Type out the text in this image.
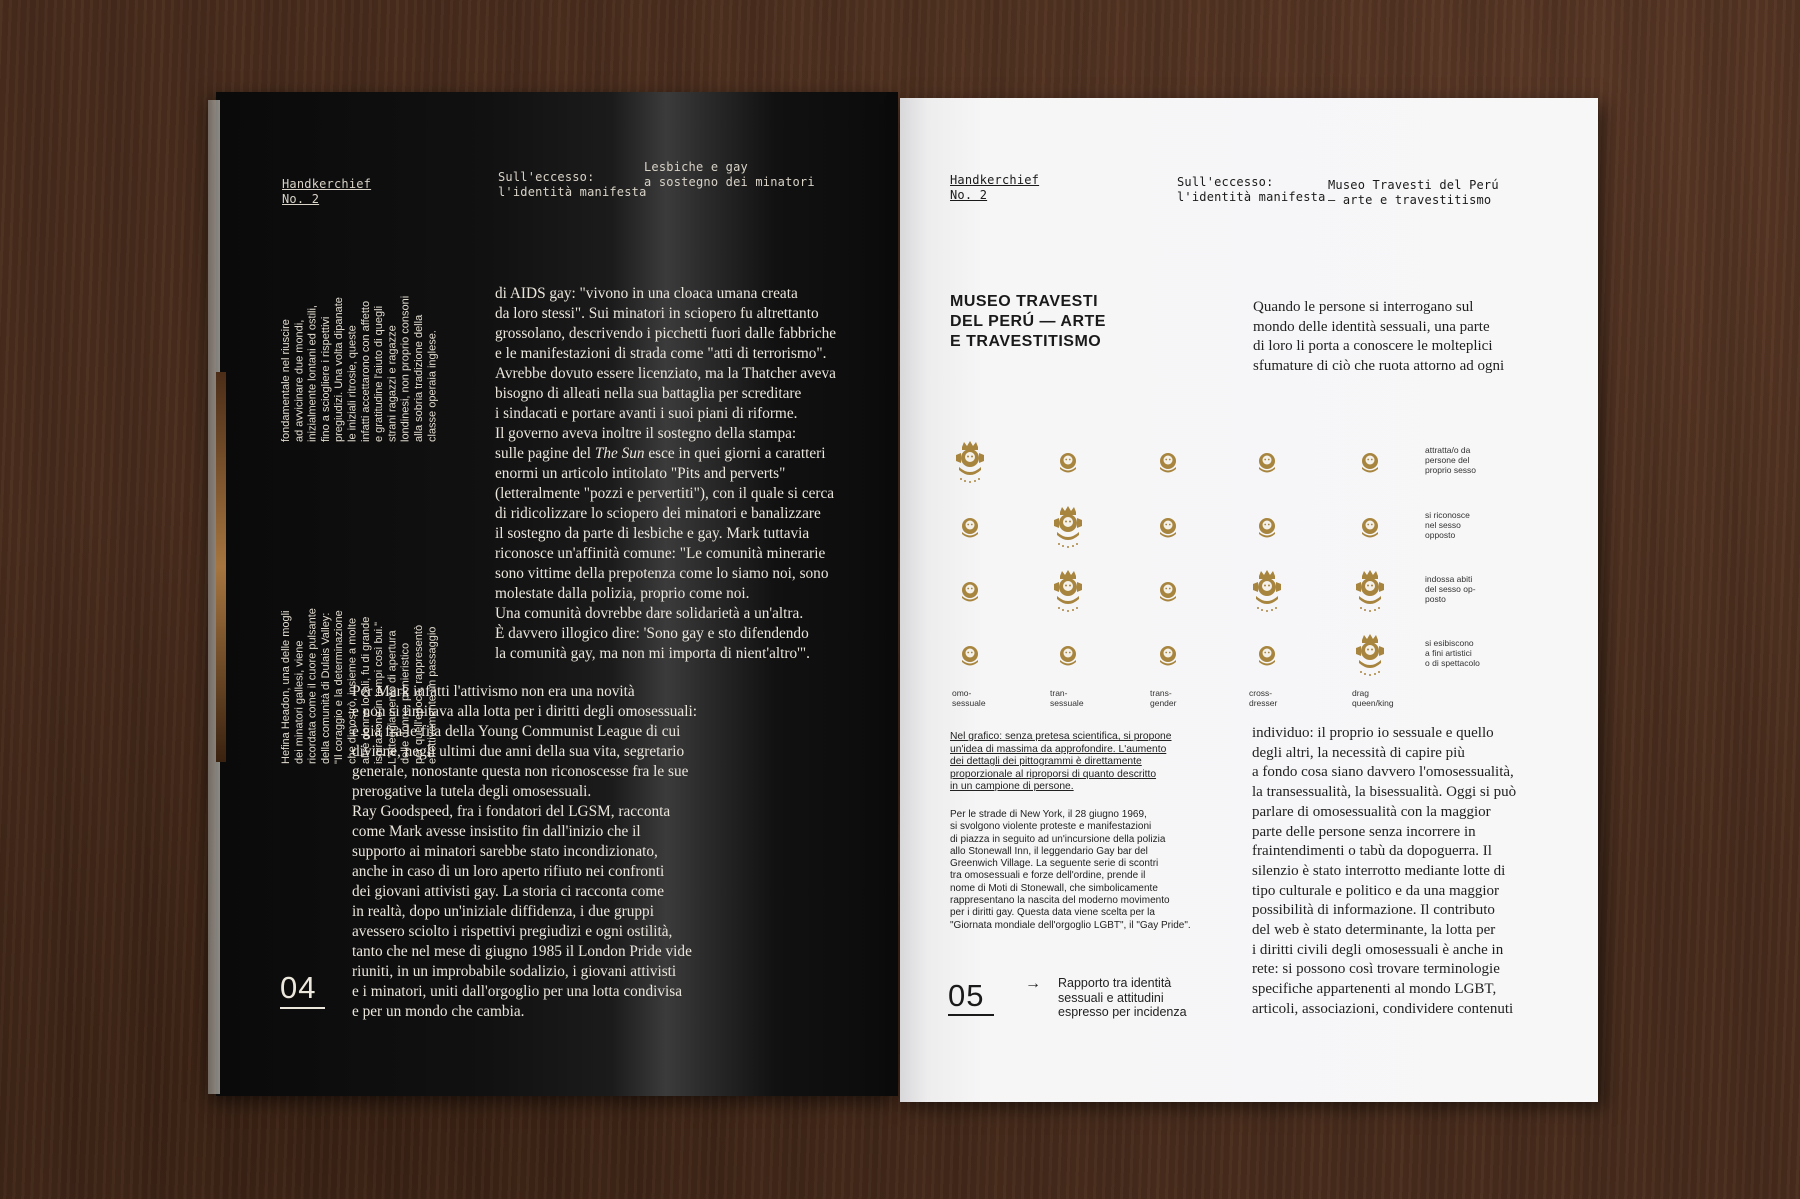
Handkerchief
No. 2
Sull'eccesso:
l'identità manifesta
Lesbiche e gay
a sostegno dei minatori
Hefina Headon, una delle mogli
dei minatori gallesi, viene
ricordata come il cuore pulsante
della comunità di Dulais Valley:
"Il coraggio e la determinazione
che dimostrò, insieme a molte
altre donne locali, fu di grande
ispirazione in tempi così bui."
L'atteggiamento di apertura
delle donne, pionieristico
per quell'epoca, rappresentò
effettivamente un passaggio
fondamentale nel riuscire
ad avvicinare due mondi,
inizialmente lontani ed ostili,
fino a sciogliere i rispettivi
pregiudizi. Una volta dipanate
le iniziali ritrosie, queste
infatti accettarono con affetto
e gratitudine l'aiuto di quegli
strani ragazzi e ragazze
londinesi, non proprio consoni
alla sobria tradizione della
classe operaia inglese.
di AIDS gay: "vivono in una cloaca umana creata
da loro stessi". Sui minatori in sciopero fu altrettanto
grossolano, descrivendo i picchetti fuori dalle fabbriche
e le manifestazioni di strada come "atti di terrorismo".
Avrebbe dovuto essere licenziato, ma la Thatcher aveva
bisogno di alleati nella sua battaglia per screditare
i sindacati e portare avanti i suoi piani di riforme.
Il governo aveva inoltre il sostegno della stampa:
sulle pagine del The Sun esce in quei giorni a caratteri
enormi un articolo intitolato "Pits and perverts"
(letteralmente "pozzi e pervertiti"), con il quale si cerca
di ridicolizzare lo sciopero dei minatori e banalizzare
il sostegno da parte di lesbiche e gay. Mark tuttavia
riconosce un'affinità comune: "Le comunità minerarie
sono vittime della prepotenza come lo siamo noi, sono
molestate dalla polizia, proprio come noi.
Una comunità dovrebbe dare solidarietà a un'altra.
È davvero illogico dire: 'Sono gay e sto difendendo
la comunità gay, ma non mi importa di nient'altro'".
Per Mark infatti l'attivismo non era una novità
e non si limitava alla lotta per i diritti degli omosessuali:
è già fra le fila della Young Communist League di cui
diviene, negli ultimi due anni della sua vita, segretario
generale, nonostante questa non riconoscesse fra le sue
prerogative la tutela degli omosessuali.
Ray Goodspeed, fra i fondatori del LGSM, racconta
come Mark avesse insistito fin dall'inizio che il
supporto ai minatori sarebbe stato incondizionato,
anche in caso di un loro aperto rifiuto nei confronti
dei giovani attivisti gay. La storia ci racconta come
in realtà, dopo un'iniziale diffidenza, i due gruppi
avessero sciolto i rispettivi pregiudizi e ogni ostilità,
tanto che nel mese di giugno 1985 il London Pride vide
riuniti, in un improbabile sodalizio, i giovani attivisti
e i minatori, uniti dall'orgoglio per una lotta condivisa
e per un mondo che cambia.
04
Handkerchief
No. 2
Sull'eccesso:
l'identità manifesta
Museo Travesti del Perú
— arte e travestitismo
MUSEO TRAVESTI
DEL PERÚ — ARTE
E TRAVESTITISMO
Quando le persone si interrogano sul
mondo delle identità sessuali, una parte
di loro li porta a conoscere le molteplici
sfumature di ciò che ruota attorno ad ogni
attratta/o da
persone del
proprio sesso
si riconosce
nel sesso
opposto
indossa abiti
del sesso op-
posto
si esibiscono
a fini artistici
o di spettacolo
omo-
sessuale
tran-
sessuale
trans-
gender
cross-
dresser
drag
queen/king
Nel grafico: senza pretesa scientifica, si propone
un'idea di massima da approfondire. L'aumento
dei dettagli dei pittogrammi è direttamente
proporzionale al riproporsi di quanto descritto
in un campione di persone.
Per le strade di New York, il 28 giugno 1969,
si svolgono violente proteste e manifestazioni
di piazza in seguito ad un'incursione della polizia
allo Stonewall Inn, il leggendario Gay bar del
Greenwich Village. La seguente serie di scontri
tra omosessuali e forze dell'ordine, prende il
nome di Moti di Stonewall, che simbolicamente
rappresentano la nascita del moderno movimento
per i diritti gay. Questa data viene scelta per la
"Giornata mondiale dell'orgoglio LGBT", il "Gay Pride".
individuo: il proprio io sessuale e quello
degli altri, la necessità di capire più
a fondo cosa siano davvero l'omosessualità,
la transessualità, la bisessualità. Oggi si può
parlare di omosessualità con la maggior
parte delle persone senza incorrere in
fraintendimenti o tabù da dopoguerra. Il
silenzio è stato interrotto mediante lotte di
tipo culturale e politico e da una maggior
possibilità di informazione. Il contributo
del web è stato determinante, la lotta per
i diritti civili degli omosessuali è anche in
rete: si possono così trovare terminologie
specifiche appartenenti al mondo LGBT,
articoli, associazioni, condividere contenuti
05	→ Rapporto tra identità
sessuali e attitudini
espresso per incidenza
